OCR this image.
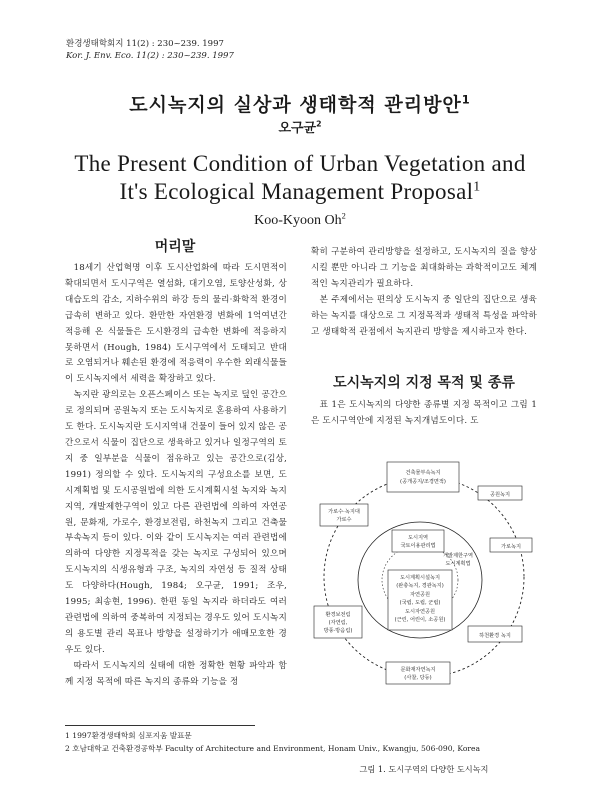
환경생태학회지 11(2) : 230~239. 1997
Kor. J. Env. Eco. 11(2) : 230~239. 1997
도시녹지의 실상과 생태학적 관리방안$^1$
오구균$^2$
The Present Condition of Urban Vegetation and
It's Ecological Management Proposal$^1$
Koo-Kyoon Oh$^2$
머리말

18세기 산업혁명 이후 도시산업화에 따라 도시면적이 확대되면서 도시구역은 열섬화, 대기오염, 토양산성화, 상대습도의 감소, 지하수위의 하강 등의 물리·화학적 환경이 급속히 변하고 있다. 환만한 자연환경 변화에 1억여년간 적응해 온 식물들은 도시환경의 급속한 변화에 적응하지 못하면서 (Hough, 1984) 도시구역에서 도태되고 반대로 오염되거나 훼손된 환경에 적응력이 우수한 외래식물들이 도시녹지에서 세력을 확장하고 있다.

녹지란 광의로는 오픈스페이스 또는 녹지로 덮인 공간으로 정의되며 공원녹지 또는 도시녹지로 혼용하여 사용하기도 한다. 도시녹지란 도시지역내 건물이 들어 있지 않은 공간으로서 식물이 집단으로 생육하고 있거나 일정구역의 토지 중 일부분을 식물이 점유하고 있는 공간으로(김상, 1991) 정의할 수 있다. 도시녹지의 구성요소를 보면, 도시계획법 및 도시공원법에 의한 도시계획시설 녹지와 녹지지역, 개발제한구역이 있고 다른 관련법에 의하여 자연공원, 문화재, 가로수, 환경보전림, 하천녹지 그리고 건축물 부속녹지 등이 있다. 이와 같이 도시녹지는 여러 관련법에 의하여 다양한 지정목적을 갖는 녹지로 구성되어 있으며 도시녹지의 식생유형과 구조, 녹지의 자연성 등 질적 상태도 다양하다(Hough, 1984; 오구균, 1991; 조우, 1995; 최송현, 1996). 한편 동일 녹지라 하더라도 여러 관련법에 의하여 중복하여 지정되는 경우도 있어 도시녹지의 용도별 관리 목표나 방향을 설정하기가 애매모호한 경우도 있다.

따라서 도시녹지의 실태에 대한 정확한 현황 파악과 함께 지정 목적에 따른 녹지의 종류와 기능을 정

확히 구분하여 관리방향을 설정하고, 도시녹지의 질을 향상시킬 뿐만 아니라 그 기능을 최대화하는 과학적이고도 체계적인 녹지관리가 필요하다.

본 주제에서는 편의상 도시녹지 중 일단의 집단으로 생육하는 녹지를 대상으로 그 지정목적과 생태적 특성을 파악하고 생태학적 관점에서 녹지관리 방향을 제시하고자 한다.

도시녹지의 지정 목적 및 종류

표 1은 도시녹지의 다양한 종류별 지정 목적이고 그림 1은 도시구역안에 지정된 녹지개념도이다. 도

건축물부속녹지
(공개공지/조경면적)
공원녹지
가로녹지
하천환경 녹지
문화재자연녹지
(사찰, 당등)
환경보전림
(자연림,
방풍·방음림)
가로수·녹지대
가로수
도시지역
국토이용관리법
개발제한구역
도시계획법
도시계획시설녹지
(완충녹지, 경관녹지)
자연공원
(국립, 도립, 군립)
도시자연공원
(근린, 어린이, 소공원)
그림 1. 도시구역의 다양한 도시녹지
1 1997환경생태학회 심포지움 발표문
2 호남대학교 건축환경공학부 Faculty of Architecture and Environment, Honam Univ., Kwangju, 506-090, Korea
